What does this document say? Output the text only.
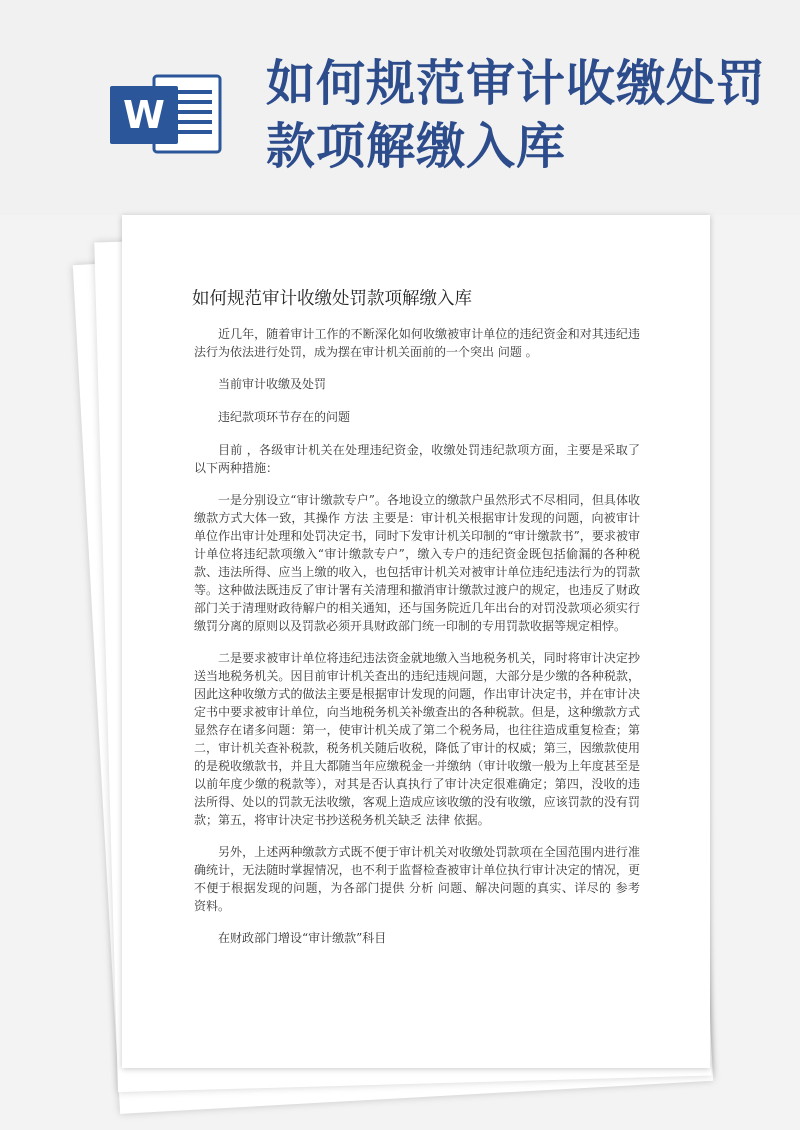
W
如何规范审计收缴处罚款项解缴入库
如何规范审计收缴处罚款项解缴入库

近几年，随着审计工作的不断深化如何收缴被审计单位的违纪资金和对其违纪违法行为依法进行处罚，成为摆在审计机关面前的一个突出 问题 。

当前审计收缴及处罚

违纪款项环节存在的问题

目前 ，各级审计机关在处理违纪资金，收缴处罚违纪款项方面，主要是采取了以下两种措施：

一是分别设立“审计缴款专户”。各地设立的缴款户虽然形式不尽相同，但具体收缴款方式大体一致，其操作 方法 主要是：审计机关根据审计发现的问题，向被审计单位作出审计处理和处罚决定书，同时下发审计机关印制的“审计缴款书”，要求被审计单位将违纪款项缴入“审计缴款专户”，缴入专户的违纪资金既包括偷漏的各种税款、违法所得、应当上缴的收入，也包括审计机关对被审计单位违纪违法行为的罚款等。这种做法既违反了审计署有关清理和撤消审计缴款过渡户的规定，也违反了财政部门关于清理财政待解户的相关通知，还与国务院近几年出台的对罚没款项必须实行缴罚分离的原则以及罚款必须开具财政部门统一印制的专用罚款收据等规定相悖。

二是要求被审计单位将违纪违法资金就地缴入当地税务机关，同时将审计决定抄送当地税务机关。因目前审计机关查出的违纪违规问题，大部分是少缴的各种税款，因此这种收缴方式的做法主要是根据审计发现的问题，作出审计决定书，并在审计决定书中要求被审计单位，向当地税务机关补缴查出的各种税款。但是，这种缴款方式显然存在诸多问题：第一，使审计机关成了第二个税务局，也往往造成重复检查；第二，审计机关查补税款，税务机关随后收税，降低了审计的权威；第三，因缴款使用的是税收缴款书，并且大都随当年应缴税金一并缴纳（审计收缴一般为上年度甚至是以前年度少缴的税款等），对其是否认真执行了审计决定很难确定；第四，没收的违法所得、处以的罚款无法收缴，客观上造成应该收缴的没有收缴，应该罚款的没有罚款；第五，将审计决定书抄送税务机关缺乏 法律 依据。

另外，上述两种缴款方式既不便于审计机关对收缴处罚款项在全国范围内进行准确统计，无法随时掌握情况，也不利于监督检查被审计单位执行审计决定的情况，更不便于根据发现的问题，为各部门提供 分析 问题、解决问题的真实、详尽的 参考 资料。

在财政部门增设“审计缴款”科目
